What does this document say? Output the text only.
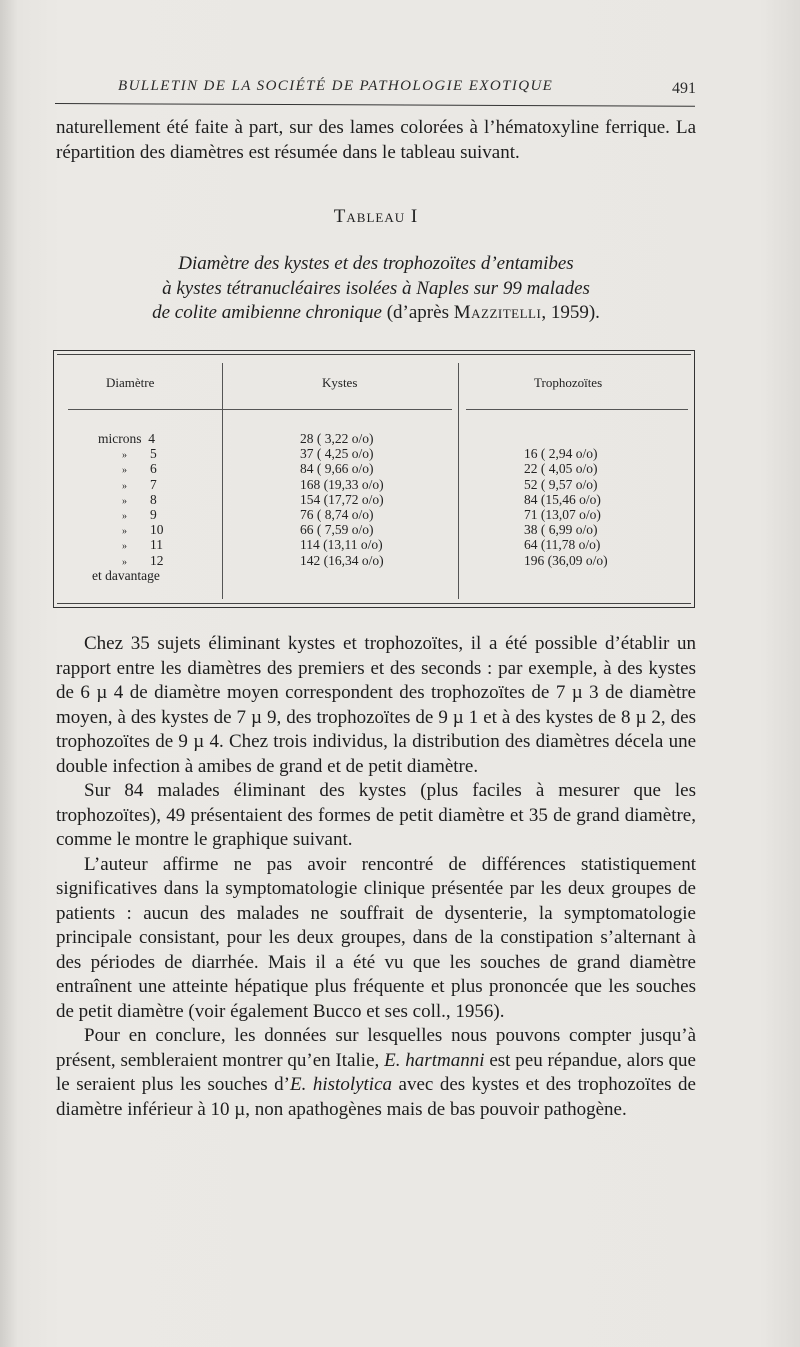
BULLETIN DE LA SOCIÉTÉ DE PATHOLOGIE EXOTIQUE	491

naturellement été faite à part, sur des lames colorées à l’hématoxyline ferrique. La répartition des diamètres est résumée dans le tableau suivant.

Tableau I
Diamètre des kystes et des trophozoïtes d’entamibes
à kystes tétranucléaires isolées à Naples sur 99 malades
de colite amibienne chronique (d’après Mazzitelli, 1959).
Diamètre	Kystes	Trophozoïtes
microns  4	28 ( 3,22 o/o)
» 5	37 ( 4,25 o/o)	16 ( 2,94 o/o)
» 6	84 ( 9,66 o/o)	22 ( 4,05 o/o)
» 7	168 (19,33 o/o)	52 ( 9,57 o/o)
» 8	154 (17,72 o/o)	84 (15,46 o/o)
» 9	76 ( 8,74 o/o)	71 (13,07 o/o)
» 10	66 ( 7,59 o/o)	38 ( 6,99 o/o)
» 11	114 (13,11 o/o)	64 (11,78 o/o)
» 12	142 (16,34 o/o)	196 (36,09 o/o)
et davantage

Chez 35 sujets éliminant kystes et trophozoïtes, il a été possible d’établir un rapport entre les diamètres des premiers et des seconds : par exemple, à des kystes de 6 µ 4 de diamètre moyen correspondent des trophozoïtes de 7 µ 3 de diamètre moyen, à des kystes de 7 µ 9, des trophozoïtes de 9 µ 1 et à des kystes de 8 µ 2, des trophozoïtes de 9 µ 4. Chez trois individus, la distribution des diamètres décela une double infection à amibes de grand et de petit diamètre.

Sur 84 malades éliminant des kystes (plus faciles à mesurer que les trophozoïtes), 49 présentaient des formes de petit diamètre et 35 de grand diamètre, comme le montre le graphique suivant.

L’auteur affirme ne pas avoir rencontré de différences statistiquement significatives dans la symptomatologie clinique présentée par les deux groupes de patients : aucun des malades ne souffrait de dysenterie, la symptomatologie principale consistant, pour les deux groupes, dans de la constipation s’alternant à des périodes de diarrhée. Mais il a été vu que les souches de grand diamètre entraînent une atteinte hépatique plus fréquente et plus prononcée que les souches de petit diamètre (voir également Bucco et ses coll., 1956).

Pour en conclure, les données sur lesquelles nous pouvons compter jusqu’à présent, sembleraient montrer qu’en Italie, E. hartmanni est peu répandue, alors que le seraient plus les souches d’E. histolytica avec des kystes et des trophozoïtes de diamètre inférieur à 10 µ, non apathogènes mais de bas pouvoir pathogène.
